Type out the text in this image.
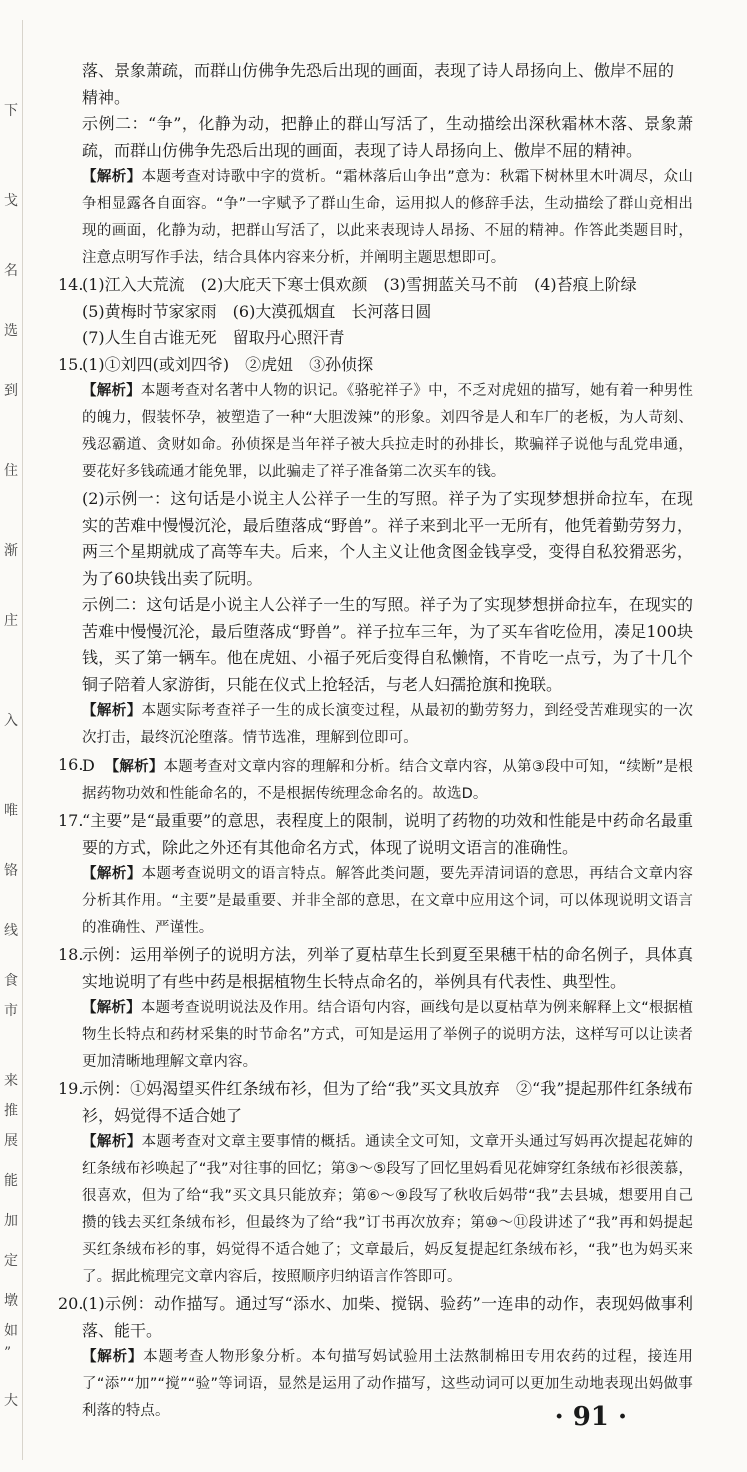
下
戈
名
选
到
住
渐
庄
入
唯
铬
线
食
市
来
推
展
能
加
定
墩
如
”
大

落、景象萧疏，而群山仿佛争先恐后出现的画面，表现了诗人昂扬向上、傲岸不屈的

精神。

示例二：“争”，化静为动，把静止的群山写活了，生动描绘出深秋霜林木落、景象萧疏，而群山仿佛争先恐后出现的画面，表现了诗人昂扬向上、傲岸不屈的精神。

【解析】本题考查对诗歌中字的赏析。“霜林落后山争出”意为：秋霜下树林里木叶凋尽，众山争相显露各自面容。“争”一字赋予了群山生命，运用拟人的修辞手法，生动描绘了群山竞相出现的画面，化静为动，把群山写活了，以此来表现诗人昂扬、不屈的精神。作答此类题目时，注意点明写作手法，结合具体内容来分析，并阐明主题思想即可。

14.

(1)江入大荒流　(2)大庇天下寒士俱欢颜　(3)雪拥蓝关马不前　(4)苔痕上阶绿

(5)黄梅时节家家雨　(6)大漠孤烟直　长河落日圆

(7)人生自古谁无死　留取丹心照汗青

15.

(1)①刘四(或刘四爷)　②虎妞　③孙侦探

【解析】本题考查对名著中人物的识记。《骆驼祥子》中，不乏对虎妞的描写，她有着一种男性的魄力，假装怀孕，被塑造了一种“大胆泼辣”的形象。刘四爷是人和车厂的老板，为人苛刻、残忍霸道、贪财如命。孙侦探是当年祥子被大兵拉走时的孙排长，欺骗祥子说他与乱党串通，要花好多钱疏通才能免罪，以此骗走了祥子准备第二次买车的钱。

(2)示例一：这句话是小说主人公祥子一生的写照。祥子为了实现梦想拼命拉车，在现实的苦难中慢慢沉沦，最后堕落成“野兽”。祥子来到北平一无所有，他凭着勤劳努力，两三个星期就成了高等车夫。后来，个人主义让他贪图金钱享受，变得自私狡猾恶劣，为了60块钱出卖了阮明。

示例二：这句话是小说主人公祥子一生的写照。祥子为了实现梦想拼命拉车，在现实的苦难中慢慢沉沦，最后堕落成“野兽”。祥子拉车三年，为了买车省吃俭用，凑足100块钱，买了第一辆车。他在虎妞、小福子死后变得自私懒惰，不肯吃一点亏，为了十几个铜子陪着人家游街，只能在仪式上抢轻活，与老人妇孺抢旗和挽联。

【解析】本题实际考查祥子一生的成长演变过程，从最初的勤劳努力，到经受苦难现实的一次次打击，最终沉沦堕落。情节选准，理解到位即可。

16.

D 【解析】本题考查对文章内容的理解和分析。结合文章内容，从第③段中可知，“续断”是根据药物功效和性能命名的，不是根据传统理念命名的。故选D。

17.

“主要”是“最重要”的意思，表程度上的限制，说明了药物的功效和性能是中药命名最重要的方式，除此之外还有其他命名方式，体现了说明文语言的准确性。

【解析】本题考查说明文的语言特点。解答此类问题，要先弄清词语的意思，再结合文章内容分析其作用。“主要”是最重要、并非全部的意思，在文章中应用这个词，可以体现说明文语言的准确性、严谨性。

18.

示例：运用举例子的说明方法，列举了夏枯草生长到夏至果穗干枯的命名例子，具体真实地说明了有些中药是根据植物生长特点命名的，举例具有代表性、典型性。

【解析】本题考查说明说法及作用。结合语句内容，画线句是以夏枯草为例来解释上文“根据植物生长特点和药材采集的时节命名”方式，可知是运用了举例子的说明方法，这样写可以让读者更加清晰地理解文章内容。

19.

示例：①妈渴望买件红条绒布衫，但为了给“我”买文具放弃　②“我”提起那件红条绒布衫，妈觉得不适合她了

【解析】本题考查对文章主要事情的概括。通读全文可知，文章开头通过写妈再次提起花婶的红条绒布衫唤起了“我”对往事的回忆；第③～⑤段写了回忆里妈看见花婶穿红条绒布衫很羡慕，很喜欢，但为了给“我”买文具只能放弃；第⑥～⑨段写了秋收后妈带“我”去县城，想要用自己攒的钱去买红条绒布衫，但最终为了给“我”订书再次放弃；第⑩～⑪段讲述了“我”再和妈提起买红条绒布衫的事，妈觉得不适合她了；文章最后，妈反复提起红条绒布衫，“我”也为妈买来了。据此梳理完文章内容后，按照顺序归纳语言作答即可。

20.

(1)示例：动作描写。通过写“添水、加柴、搅锅、验药”一连串的动作，表现妈做事利落、能干。

【解析】本题考查人物形象分析。本句描写妈试验用土法熬制棉田专用农药的过程，接连用了“添”“加”“搅”“验”等词语，显然是运用了动作描写，这些动词可以更加生动地表现出妈做事利落的特点。	· 91 ·
